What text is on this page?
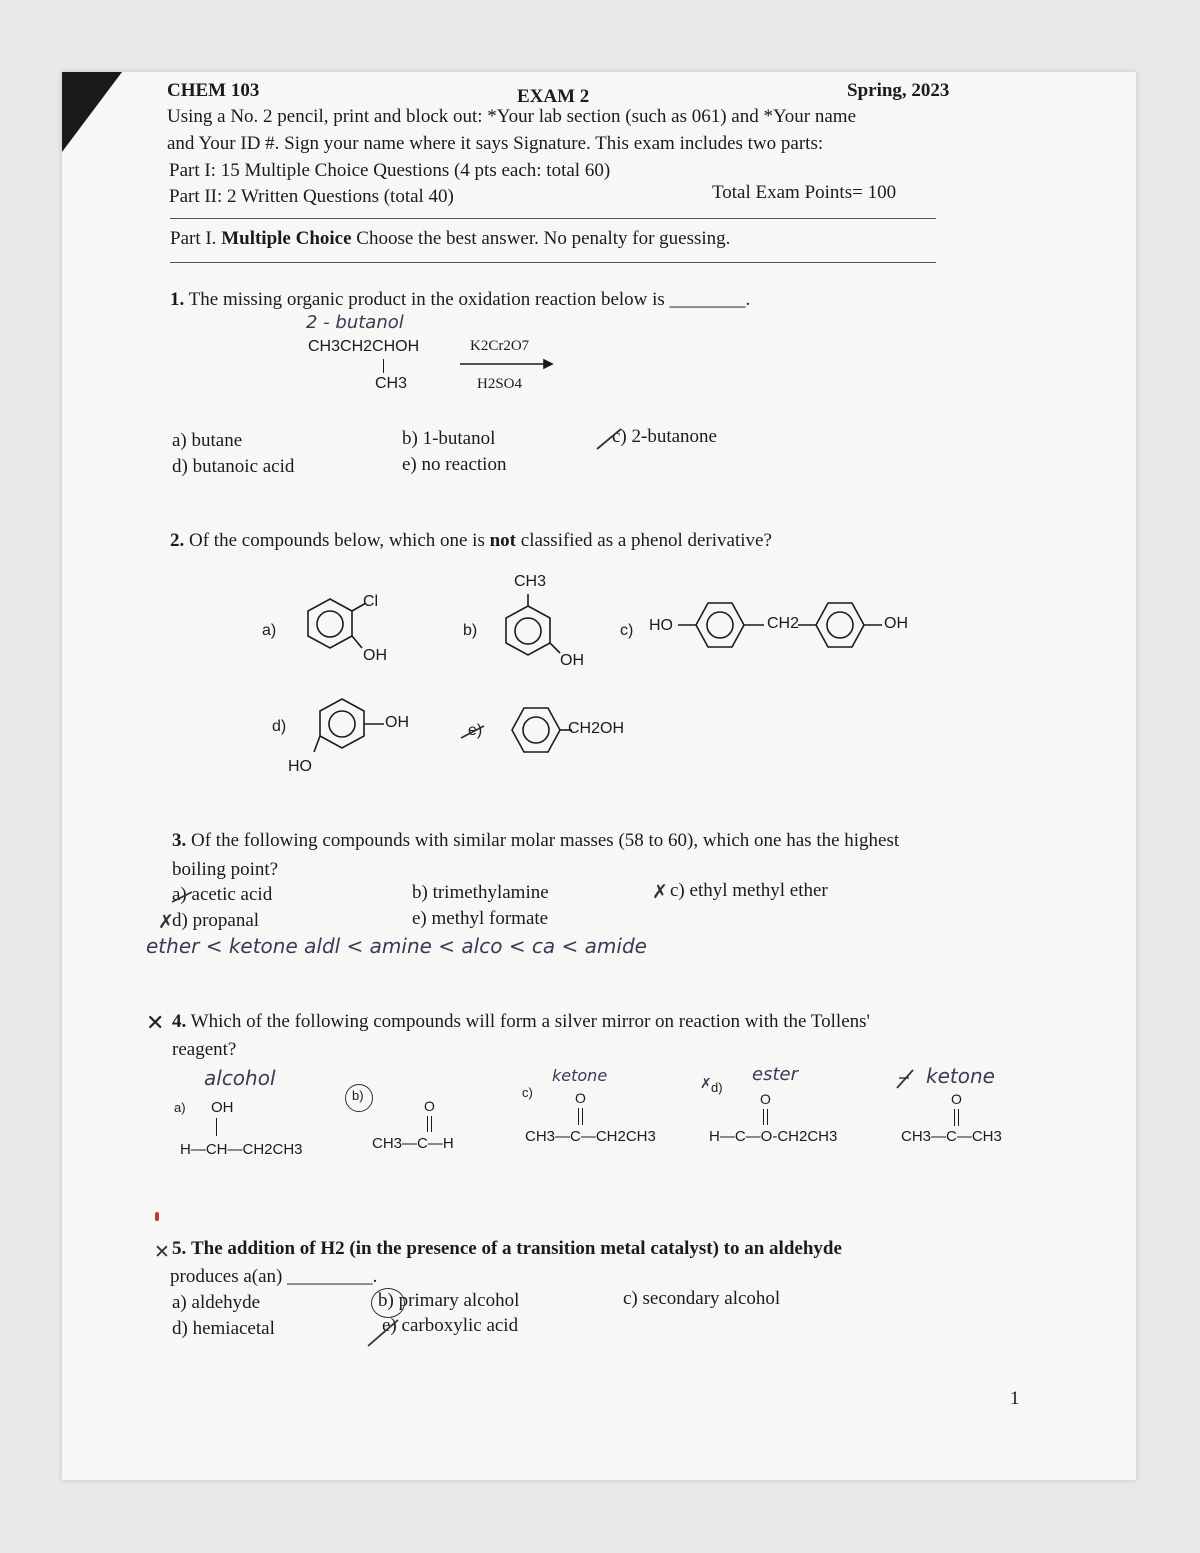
CHEM 103	EXAM 2	Spring, 2023
Using a No. 2 pencil, print and block out: *Your lab section (such as 061) and *Your name
and Your ID #. Sign your name where it says Signature. This exam includes two parts:
Part I: 15 Multiple Choice Questions (4 pts each: total 60)
Part II: 2 Written Questions (total 40)	Total Exam Points= 100
Part I. Multiple Choice Choose the best answer. No penalty for guessing.
1. The missing organic product in the oxidation reaction below is ________.
2 - butanol
CH3CH2CHOH
CH3
K2Cr2O7
H2SO4
a) butane	b) 1-butanol	c) 2-butanone
d) butanoic acid	e) no reaction
2. Of the compounds below, which one is not classified as a phenol derivative?
a)
Cl
OH
b)
CH3
OH
c) HO	CH2	OH
d)	OH
HO
e)	CH2OH
3. Of the following compounds with similar molar masses (58 to 60), which one has the highest
boiling point?
a) acetic acid	b) trimethylamine	✗ c) ethyl methyl ether
✗
d) propanal	e) methyl formate
ether < ketone aldl < amine < alco < ca < amide
✕ 4. Which of the following compounds will form a silver mirror on reaction with the Tollens'
reagent?
alcohol	ketone	ester	ketone
a) OH
H—CH—CH2CH3
b)
O
CH3—C—H
c)	O
CH3—C—CH2CH3
✗ d)
O
H—C—O-CH2CH3
O
CH3—C—CH3
✕ 5. The addition of H2 (in the presence of a transition metal catalyst) to an aldehyde
produces a(an) _________.
a) aldehyde	b) primary alcohol	c) secondary alcohol
d) hemiacetal	e) carboxylic acid
1
